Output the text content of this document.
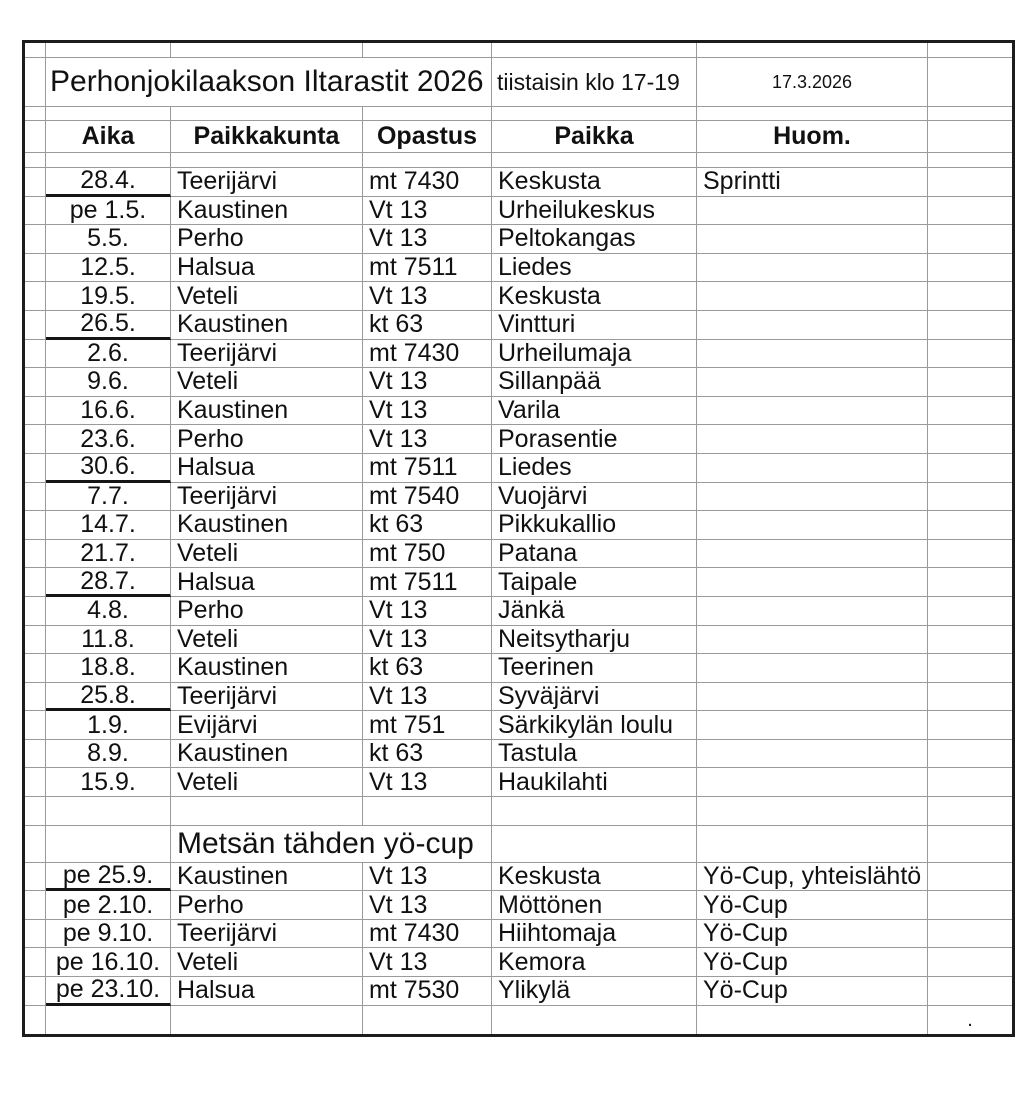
Perhonjokilaakson Iltarastit 2026 tiistaisin klo 17-19	17.3.2026
Aika	Paikkakunta	Opastus	Paikka	Huom.
28.4.	Teerijärvi	mt 7430	Keskusta	Sprintti
pe 1.5.	Kaustinen	Vt 13	Urheilukeskus
5.5.	Perho	Vt 13	Peltokangas
12.5.	Halsua	mt 7511	Liedes
19.5.	Veteli	Vt 13	Keskusta
26.5.	Kaustinen	kt 63	Vintturi
2.6.	Teerijärvi	mt 7430	Urheilumaja
9.6.	Veteli	Vt 13	Sillanpää
16.6.	Kaustinen	Vt 13	Varila
23.6.	Perho	Vt 13	Porasentie
30.6.	Halsua	mt 7511	Liedes
7.7.	Teerijärvi	mt 7540	Vuojärvi
14.7.	Kaustinen	kt 63	Pikkukallio
21.7.	Veteli	mt 750	Patana
28.7.	Halsua	mt 7511	Taipale
4.8.	Perho	Vt 13	Jänkä
11.8.	Veteli	Vt 13	Neitsytharju
18.8.	Kaustinen	kt 63	Teerinen
25.8.	Teerijärvi	Vt 13	Syväjärvi
1.9.	Evijärvi	mt 751	Särkikylän loulu
8.9.	Kaustinen	kt 63	Tastula
15.9.	Veteli	Vt 13	Haukilahti
Metsän tähden yö-cup
pe 25.9. Kaustinen	Vt 13	Keskusta	Yö-Cup, yhteislähtö
pe 2.10. Perho	Vt 13	Möttönen	Yö-Cup
pe 9.10. Teerijärvi	mt 7430	Hiihtomaja	Yö-Cup
pe 16.10. Veteli	Vt 13	Kemora	Yö-Cup
pe 23.10. Halsua	mt 7530	Ylikylä	Yö-Cup
.
